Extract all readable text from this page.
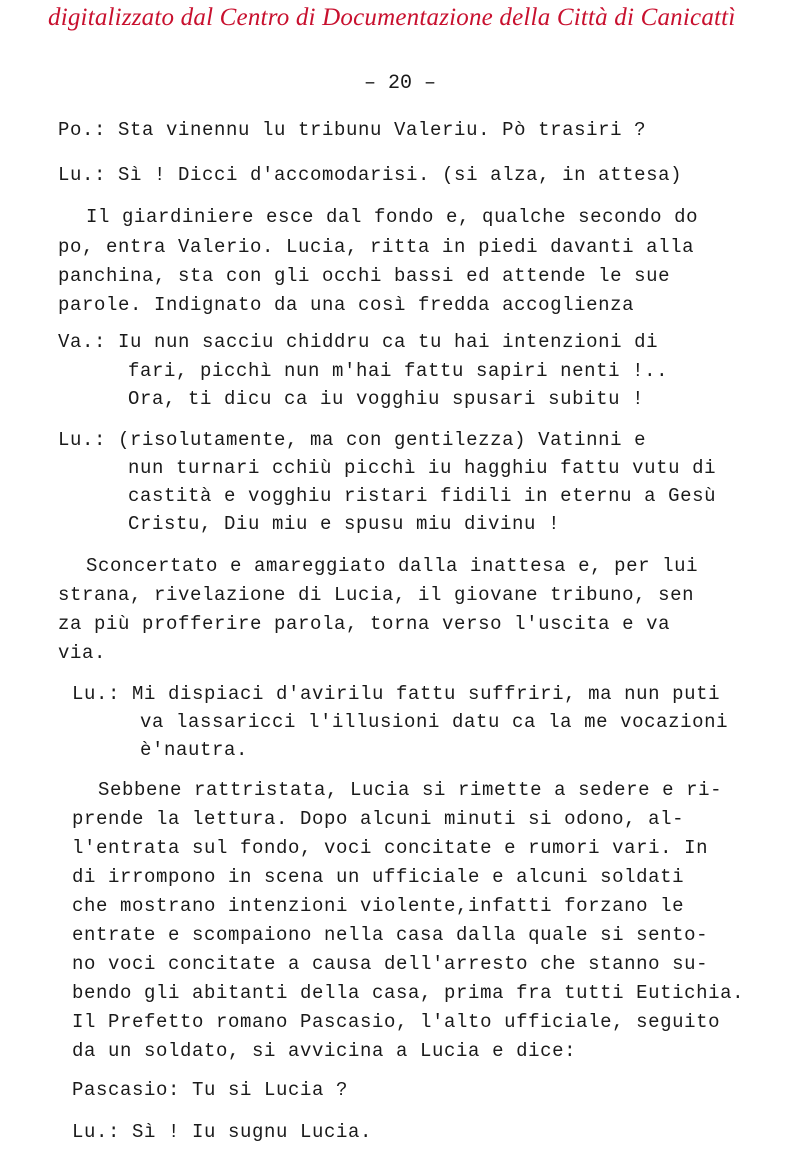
digitalizzato dal Centro di Documentazione della Città di Canicattì
– 20 –
Po.: Sta vinennu lu tribunu Valeriu. Pò trasiri ?
Lu.: Sì ! Dicci d'accomodarisi. (si alza, in attesa)
Il giardiniere esce dal fondo e, qualche secondo do
po, entra Valerio. Lucia, ritta in piedi davanti alla
panchina, sta con gli occhi bassi ed attende le sue
parole. Indignato da una così fredda accoglienza
Va.: Iu nun sacciu chiddru ca tu hai intenzioni di
fari, picchì nun m'hai fattu sapiri nenti !..
Ora, ti dicu ca iu vogghiu spusari subitu !
Lu.: (risolutamente, ma con gentilezza) Vatinni e
nun turnari cchiù picchì iu hagghiu fattu vutu di
castità e vogghiu ristari fidili in eternu a Gesù
Cristu, Diu miu e spusu miu divinu !
Sconcertato e amareggiato dalla inattesa e, per lui
strana, rivelazione di Lucia, il giovane tribuno, sen
za più profferire parola, torna verso l'uscita e va
via.
Lu.: Mi dispiaci d'avirilu fattu suffriri, ma nun puti
va lassaricci l'illusioni datu ca la me vocazioni
è'nautra.
Sebbene rattristata, Lucia si rimette a sedere e ri-
prende la lettura. Dopo alcuni minuti si odono, al-
l'entrata sul fondo, voci concitate e rumori vari. In
di irrompono in scena un ufficiale e alcuni soldati
che mostrano intenzioni violente,infatti forzano le
entrate e scompaiono nella casa dalla quale si sento-
no voci concitate a causa dell'arresto che stanno su-
bendo gli abitanti della casa, prima fra tutti Eutichia.
Il Prefetto romano Pascasio, l'alto ufficiale, seguito
da un soldato, si avvicina a Lucia e dice:
Pascasio: Tu si Lucia ?
Lu.: Sì ! Iu sugnu Lucia.
